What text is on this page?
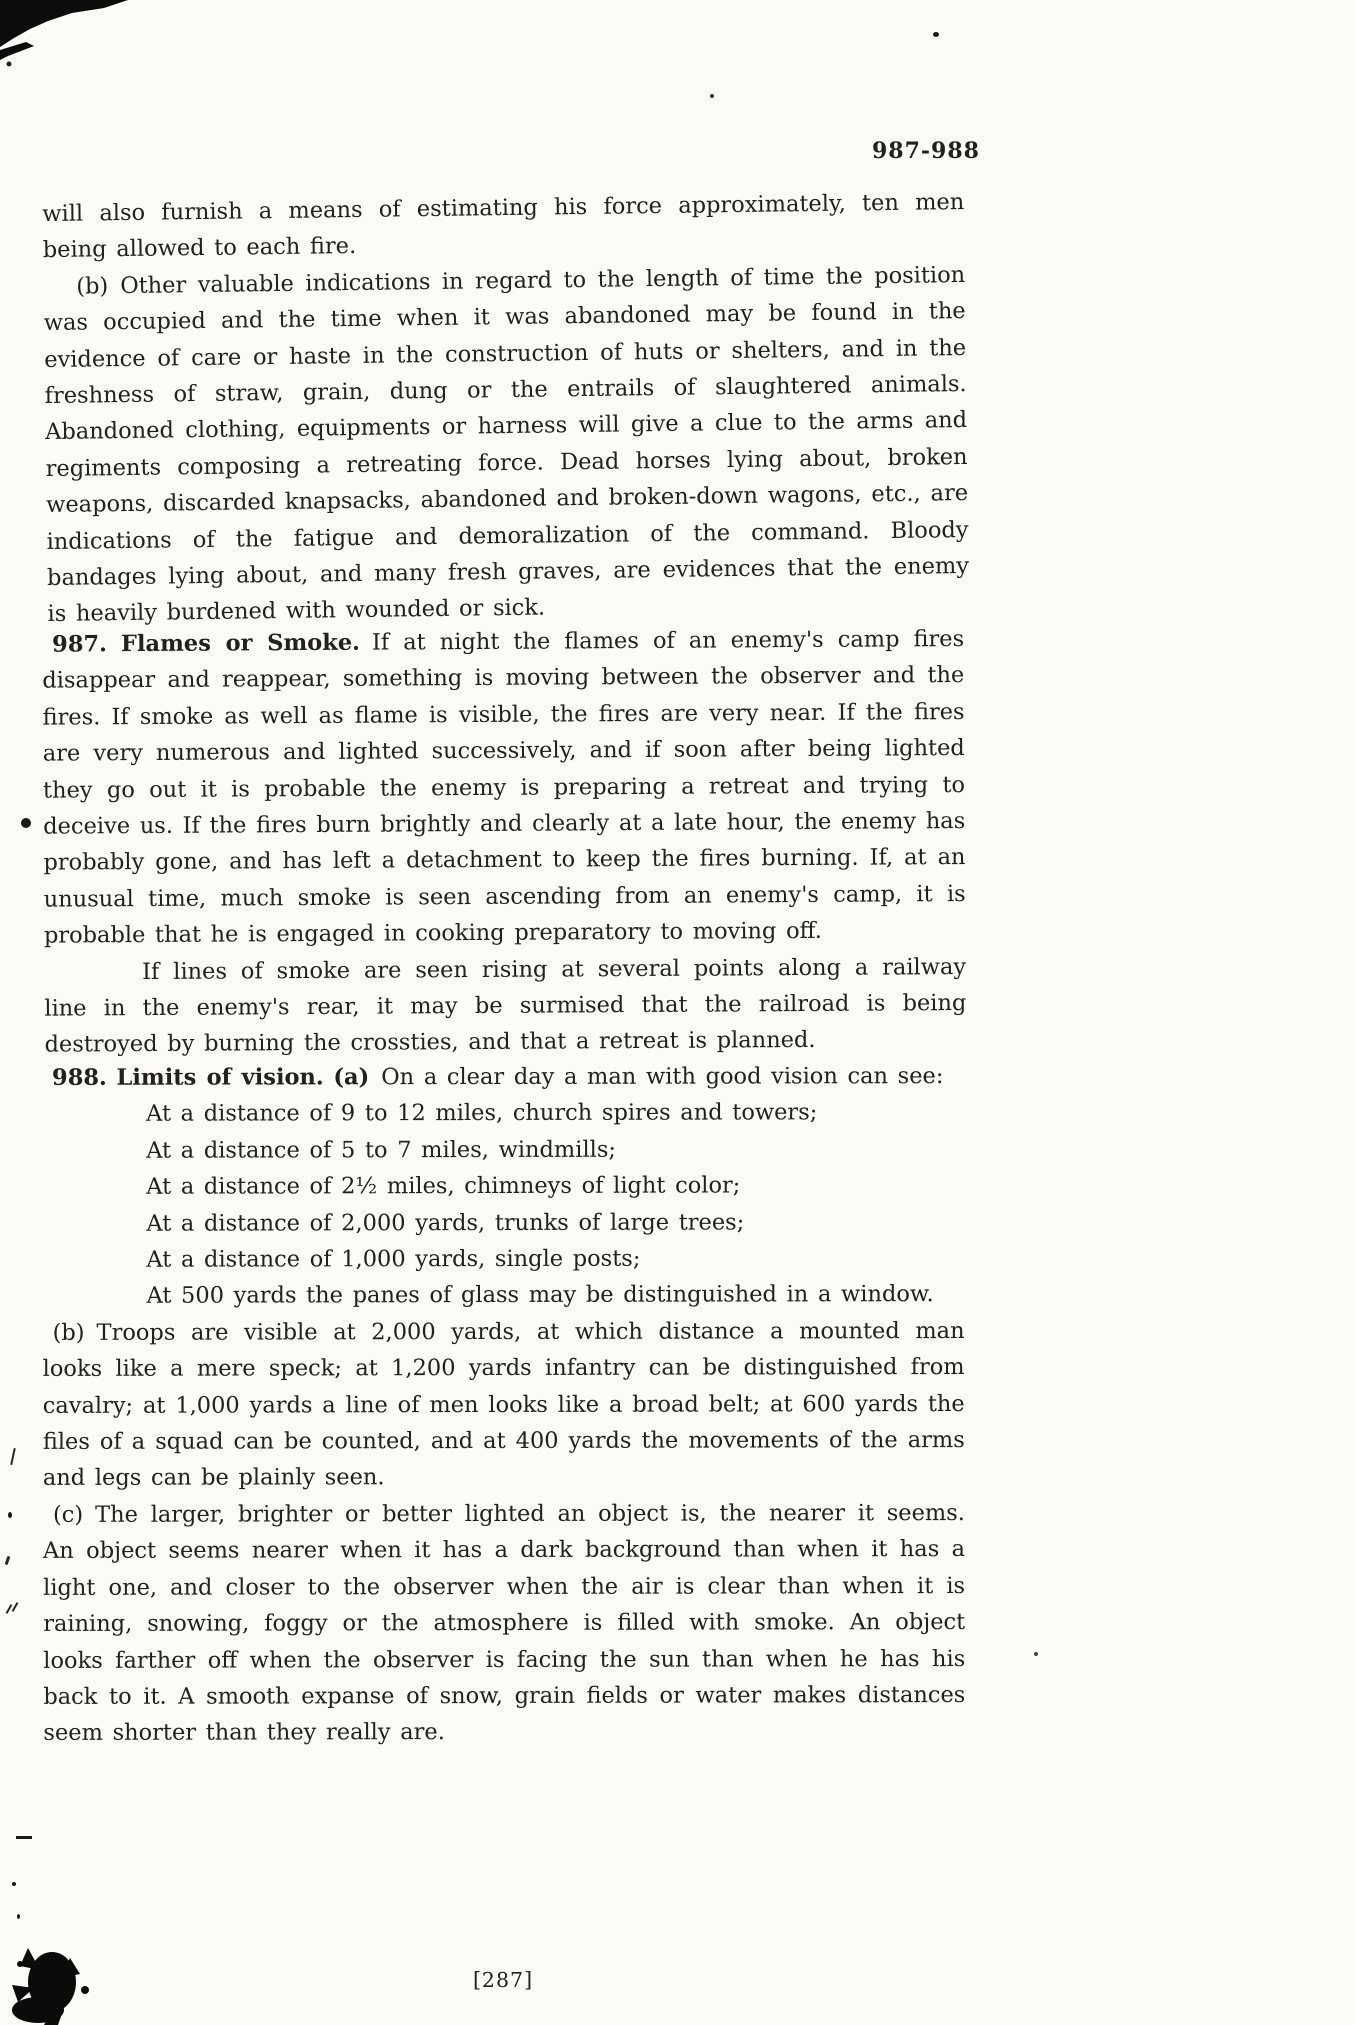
987-988

will also furnish a means of estimating his force approximately, ten men being allowed to each fire.

(b) Other valuable indications in regard to the length of time the position was occupied and the time when it was abandoned may be found in the evidence of care or haste in the construction of huts or shelters, and in the freshness of straw, grain, dung or the entrails of slaughtered animals. Abandoned clothing, equipments or harness will give a clue to the arms and regiments composing a retreating force. Dead horses lying about, broken weapons, discarded knapsacks, abandoned and broken-down wagons, etc., are indications of the fatigue and demoralization of the command. Bloody bandages lying about, and many fresh graves, are evidences that the enemy is heavily burdened with wounded or sick.

987. Flames or Smoke. If at night the flames of an enemy's camp fires disappear and reappear, something is moving between the observer and the fires. If smoke as well as flame is visible, the fires are very near. If the fires are very numerous and lighted successively, and if soon after being lighted they go out it is probable the enemy is preparing a retreat and trying to deceive us. If the fires burn brightly and clearly at a late hour, the enemy has probably gone, and has left a detachment to keep the fires burning. If, at an unusual time, much smoke is seen ascending from an enemy's camp, it is probable that he is engaged in cooking preparatory to moving off.

If lines of smoke are seen rising at several points along a railway line in the enemy's rear, it may be surmised that the railroad is being destroyed by burning the crossties, and that a retreat is planned.

988. Limits of vision. (a) On a clear day a man with good vision can see:

At a distance of 9 to 12 miles, church spires and towers;

At a distance of 5 to 7 miles, windmills;

At a distance of 2½ miles, chimneys of light color;

At a distance of 2,000 yards, trunks of large trees;

At a distance of 1,000 yards, single posts;

At 500 yards the panes of glass may be distinguished in a window.

(b) Troops are visible at 2,000 yards, at which distance a mounted man looks like a mere speck; at 1,200 yards infantry can be distinguished from cavalry; at 1,000 yards a line of men looks like a broad belt; at 600 yards the files of a squad can be counted, and at 400 yards the movements of the arms and legs can be plainly seen.

(c) The larger, brighter or better lighted an object is, the nearer it seems. An object seems nearer when it has a dark background than when it has a light one, and closer to the observer when the air is clear than when it is raining, snowing, foggy or the atmosphere is filled with smoke. An object looks farther off when the observer is facing the sun than when he has his back to it. A smooth expanse of snow, grain fields or water makes distances seem shorter than they really are.

[287]
